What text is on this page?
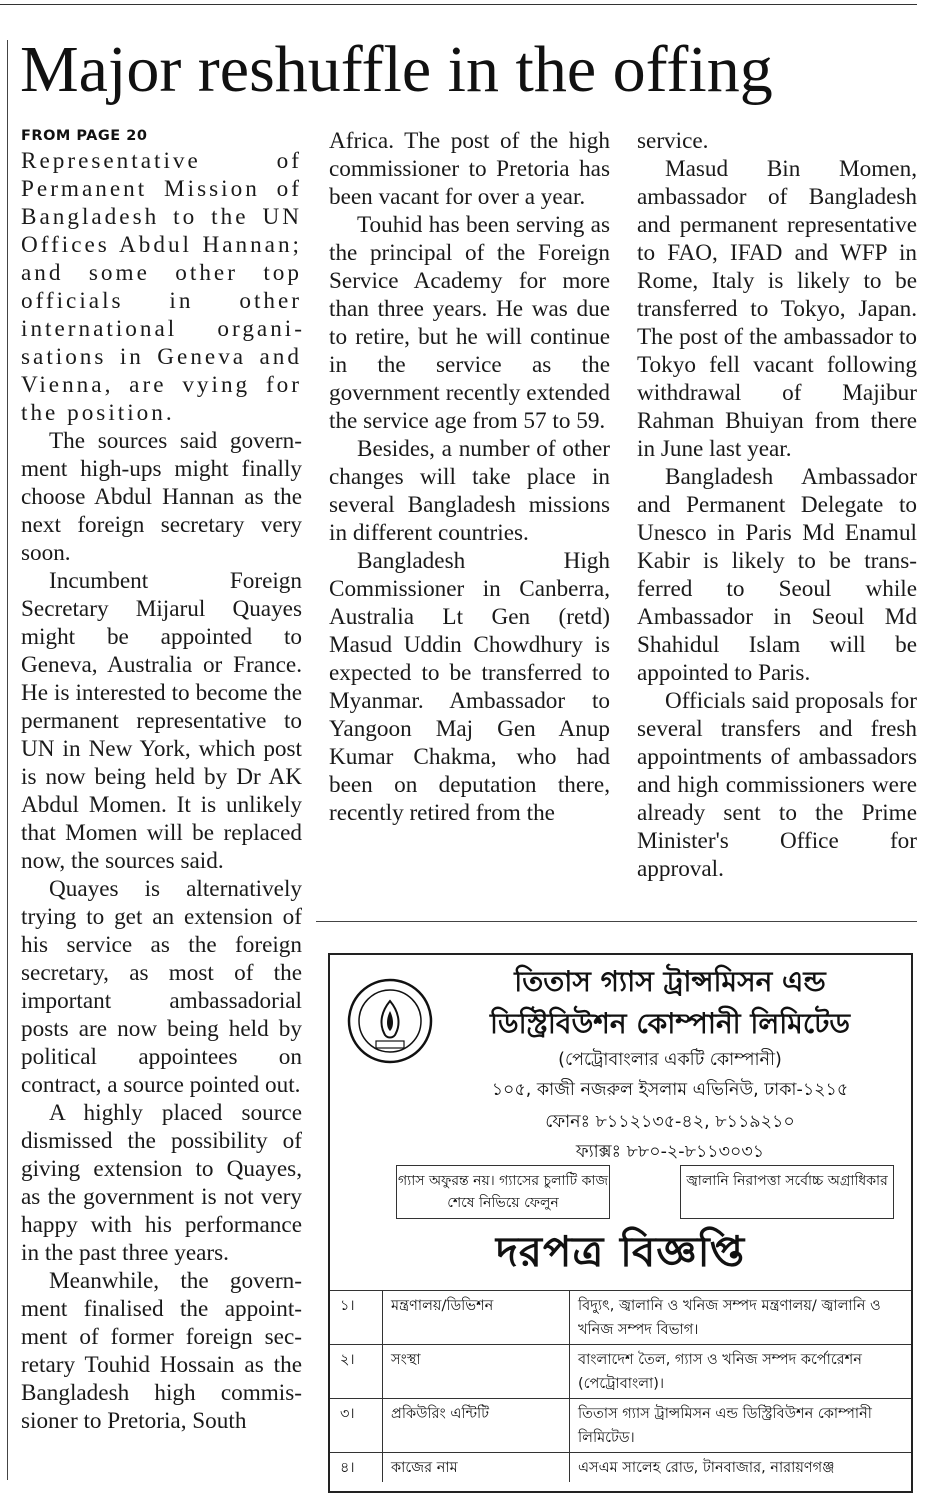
Major reshuffle in the offing
FROM PAGE 20

Representative of Permanent Mission of Bangladesh to the UN Offices Abdul Hannan; and some other top officials in other international organisations in Geneva and Vienna, are vying for the position.

The sources said government high-ups might finally choose Abdul Hannan as the next foreign secretary very soon.

Incumbent Foreign Secretary Mijarul Quayes might be appointed to Geneva, Australia or France. He is interested to become the permanent representative to UN in New York, which post is now being held by Dr AK Abdul Momen. It is unlikely that Momen will be replaced now, the sources said.

Quayes is alternatively trying to get an extension of his service as the foreign secretary, as most of the important ambassadorial posts are now being held by political appointees on contract, a source pointed out.

A highly placed source dismissed the possibility of giving extension to Quayes, as the government is not very happy with his performance in the past three years.

Meanwhile, the government finalised the appointment of former foreign secretary Touhid Hossain as the Bangladesh high commissioner to Pretoria, South

Africa. The post of the high commissioner to Pretoria has been vacant for over a year.

Touhid has been serving as the principal of the Foreign Service Academy for more than three years. He was due to retire, but he will continue in the service as the government recently extended the service age from 57 to 59.

Besides, a number of other changes will take place in several Bangladesh missions in different countries.

Bangladesh High Commissioner in Canberra, Australia Lt Gen (retd) Masud Uddin Chowdhury is expected to be transferred to Myanmar. Ambassador to Yangoon Maj Gen Anup Kumar Chakma, who had been on deputation there, recently retired from the

service.

Masud Bin Momen, ambassador of Bangladesh and permanent representative to FAO, IFAD and WFP in Rome, Italy is likely to be transferred to Tokyo, Japan. The post of the ambassador to Tokyo fell vacant following withdrawal of Majibur Rahman Bhuiyan from there in June last year.

Bangladesh Ambassador and Permanent Delegate to Unesco in Paris Md Enamul Kabir is likely to be transferred to Seoul while Ambassador in Seoul Md Shahidul Islam will be appointed to Paris.

Officials said proposals for several transfers and fresh appointments of ambassadors and high commissioners were already sent to the Prime Minister's Office for approval.

তিতাস গ্যাস ট্রান্সমিসন এন্ড
ডিস্ট্রিবিউশন কোম্পানী লিমিটেড
(পেট্রোবাংলার একটি কোম্পানী)
১০৫, কাজী নজরুল ইসলাম এভিনিউ, ঢাকা-১২১৫
ফোনঃ ৮১১২১৩৫-৪২, ৮১১৯২১০
ফ্যাক্সঃ ৮৮০-২-৮১১৩০৩১
গ্যাস অফুরন্ত নয়। গ্যাসের চুলাটি কাজ শেষে নিভিয়ে ফেলুন
জ্বালানি নিরাপত্তা সর্বোচ্চ অগ্রাধিকার
দরপত্র বিজ্ঞপ্তি
১।	মন্ত্রণালয়/ডিভিশন	বিদ্যুৎ, জ্বালানি ও খনিজ সম্পদ মন্ত্রণালয়/ জ্বালানি ও খনিজ সম্পদ বিভাগ।
২।	সংস্থা	বাংলাদেশ তৈল, গ্যাস ও খনিজ সম্পদ কর্পোরেশন (পেট্রোবাংলা)।
৩।	প্রকিউরিং এন্টিটি	তিতাস গ্যাস ট্রান্সমিসন এন্ড ডিস্ট্রিবিউশন কোম্পানী লিমিটেড।
৪।	কাজের নাম	এসএম সালেহ রোড, টানবাজার, নারায়ণগঞ্জ
